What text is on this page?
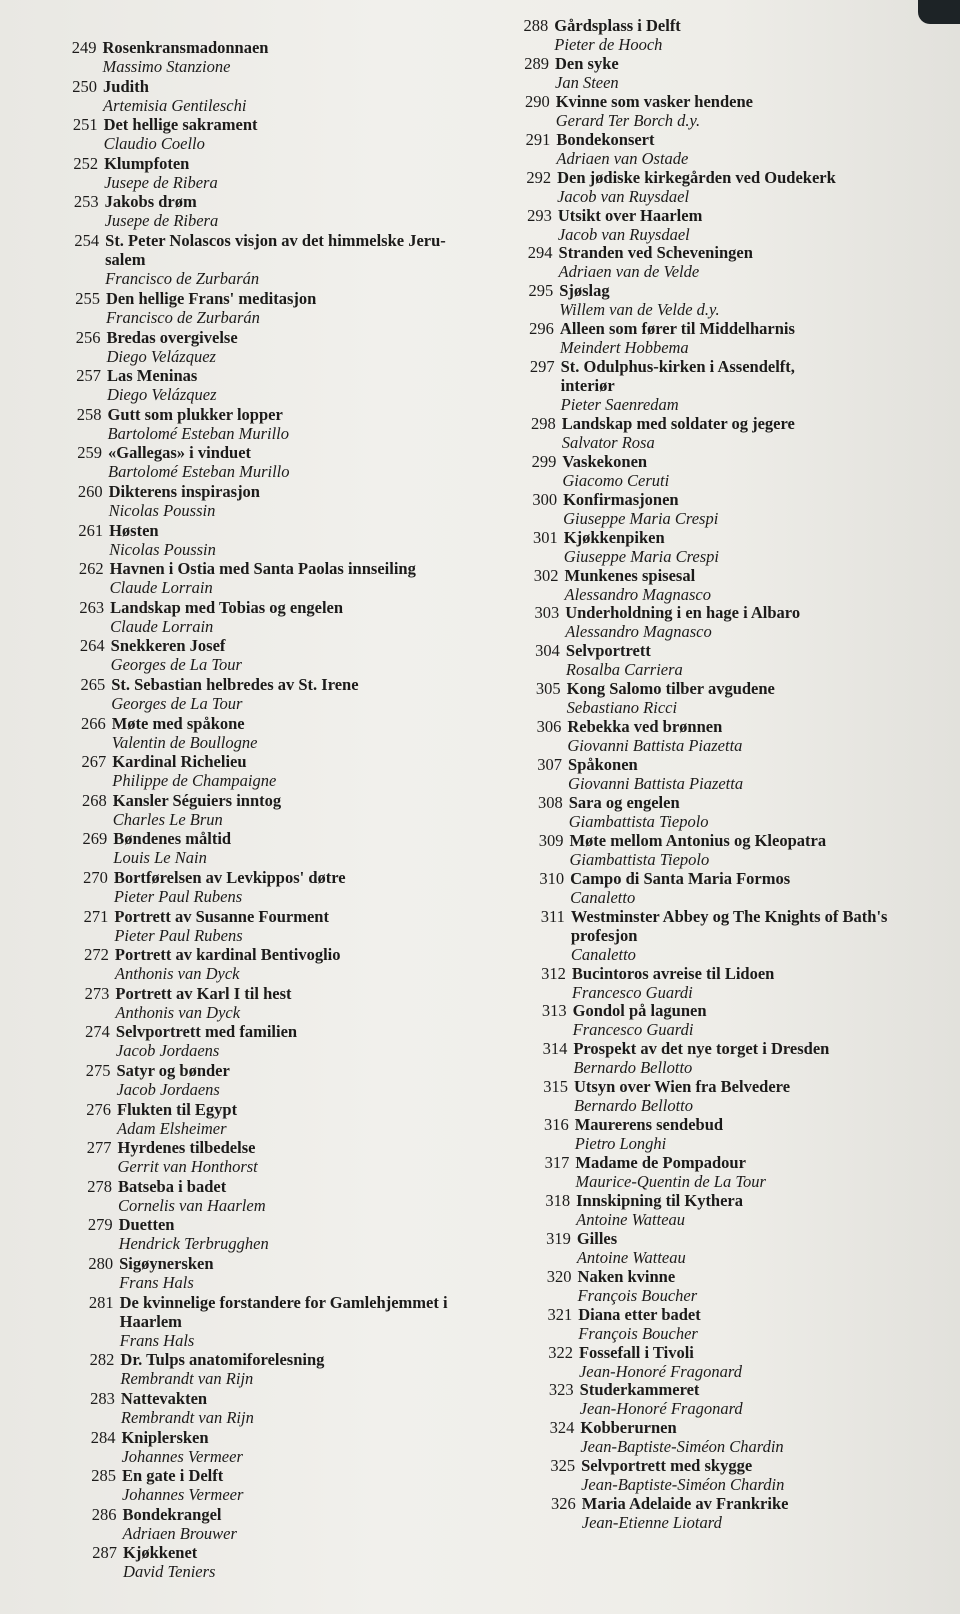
249 Rosenkransmadonnaen
Massimo Stanzione
250 Judith
Artemisia Gentileschi
251 Det hellige sakrament
Claudio Coello
252 Klumpfoten
Jusepe de Ribera
253 Jakobs drøm
Jusepe de Ribera
254 St. Peter Nolascos visjon av det himmelske Jeru-
salem
Francisco de Zurbarán
255 Den hellige Frans' meditasjon
Francisco de Zurbarán
256 Bredas overgivelse
Diego Velázquez
257 Las Meninas
Diego Velázquez
258 Gutt som plukker lopper
Bartolomé Esteban Murillo
259 «Gallegas» i vinduet
Bartolomé Esteban Murillo
260 Dikterens inspirasjon
Nicolas Poussin
261 Høsten
Nicolas Poussin
262 Havnen i Ostia med Santa Paolas innseiling
Claude Lorrain
263 Landskap med Tobias og engelen
Claude Lorrain
264 Snekkeren Josef
Georges de La Tour
265 St. Sebastian helbredes av St. Irene
Georges de La Tour
266 Møte med spåkone
Valentin de Boullogne
267 Kardinal Richelieu
Philippe de Champaigne
268 Kansler Séguiers inntog
Charles Le Brun
269 Bøndenes måltid
Louis Le Nain
270 Bortførelsen av Levkippos' døtre
Pieter Paul Rubens
271 Portrett av Susanne Fourment
Pieter Paul Rubens
272 Portrett av kardinal Bentivoglio
Anthonis van Dyck
273 Portrett av Karl I til hest
Anthonis van Dyck
274 Selvportrett med familien
Jacob Jordaens
275 Satyr og bønder
Jacob Jordaens
276 Flukten til Egypt
Adam Elsheimer
277 Hyrdenes tilbedelse
Gerrit van Honthorst
278 Batseba i badet
Cornelis van Haarlem
279 Duetten
Hendrick Terbrugghen
280 Sigøynersken
Frans Hals
281 De kvinnelige forstandere for Gamlehjemmet i
Haarlem
Frans Hals
282 Dr. Tulps anatomiforelesning
Rembrandt van Rijn
283 Nattevakten
Rembrandt van Rijn
284 Kniplersken
Johannes Vermeer
285 En gate i Delft
Johannes Vermeer
286 Bondekrangel
Adriaen Brouwer
287 Kjøkkenet
David Teniers
288 Gårdsplass i Delft
Pieter de Hooch
289 Den syke
Jan Steen
290 Kvinne som vasker hendene
Gerard Ter Borch d.y.
291 Bondekonsert
Adriaen van Ostade
292 Den jødiske kirkegården ved Oudekerk
Jacob van Ruysdael
293 Utsikt over Haarlem
Jacob van Ruysdael
294 Stranden ved Scheveningen
Adriaen van de Velde
295 Sjøslag
Willem van de Velde d.y.
296 Alleen som fører til Middelharnis
Meindert Hobbema
297 St. Odulphus-kirken i Assendelft,
interiør
Pieter Saenredam
298 Landskap med soldater og jegere
Salvator Rosa
299 Vaskekonen
Giacomo Ceruti
300 Konfirmasjonen
Giuseppe Maria Crespi
301 Kjøkkenpiken
Giuseppe Maria Crespi
302 Munkenes spisesal
Alessandro Magnasco
303 Underholdning i en hage i Albaro
Alessandro Magnasco
304 Selvportrett
Rosalba Carriera
305 Kong Salomo tilber avgudene
Sebastiano Ricci
306 Rebekka ved brønnen
Giovanni Battista Piazetta
307 Spåkonen
Giovanni Battista Piazetta
308 Sara og engelen
Giambattista Tiepolo
309 Møte mellom Antonius og Kleopatra
Giambattista Tiepolo
310 Campo di Santa Maria Formos
Canaletto
311 Westminster Abbey og The Knights of Bath's
profesjon
Canaletto
312 Bucintoros avreise til Lidoen
Francesco Guardi
313 Gondol på lagunen
Francesco Guardi
314 Prospekt av det nye torget i Dresden
Bernardo Bellotto
315 Utsyn over Wien fra Belvedere
Bernardo Bellotto
316 Maurerens sendebud
Pietro Longhi
317 Madame de Pompadour
Maurice-Quentin de La Tour
318 Innskipning til Kythera
Antoine Watteau
319 Gilles
Antoine Watteau
320 Naken kvinne
François Boucher
321 Diana etter badet
François Boucher
322 Fossefall i Tivoli
Jean-Honoré Fragonard
323 Studerkammeret
Jean-Honoré Fragonard
324 Kobberurnen
Jean-Baptiste-Siméon Chardin
325 Selvportrett med skygge
Jean-Baptiste-Siméon Chardin
326 Maria Adelaide av Frankrike
Jean-Etienne Liotard
